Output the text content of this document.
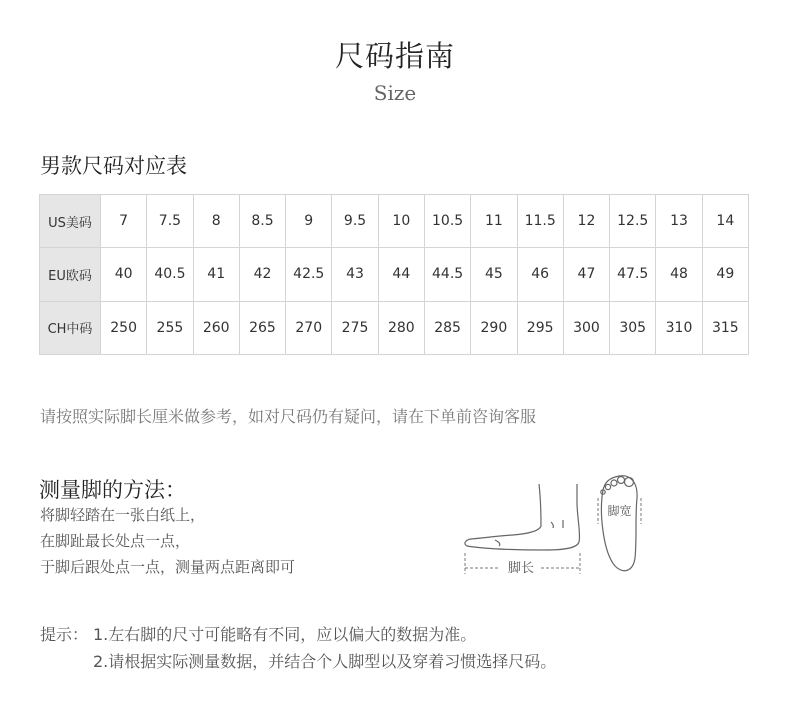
尺码指南
Size
男款尺码对应表
US美码	7	7.5	8	8.5	9	9.5	10	10.5	11	11.5	12	12.5	13	14
EU欧码	40	40.5	41	42	42.5	43	44	44.5	45	46	47	47.5	48	49
CH中码	250	255	260	265	270	275	280	285	290	295	300	305	310	315
请按照实际脚长厘米做参考，如对尺码仍有疑问，请在下单前咨询客服
测量脚的方法：
将脚轻踏在一张白纸上，
在脚趾最长处点一点，
于脚后跟处点一点，测量两点距离即可	脚长
脚宽
提示： 1.左右脚的尺寸可能略有不同，应以偏大的数据为准。
2.请根据实际测量数据，并结合个人脚型以及穿着习惯选择尺码。
